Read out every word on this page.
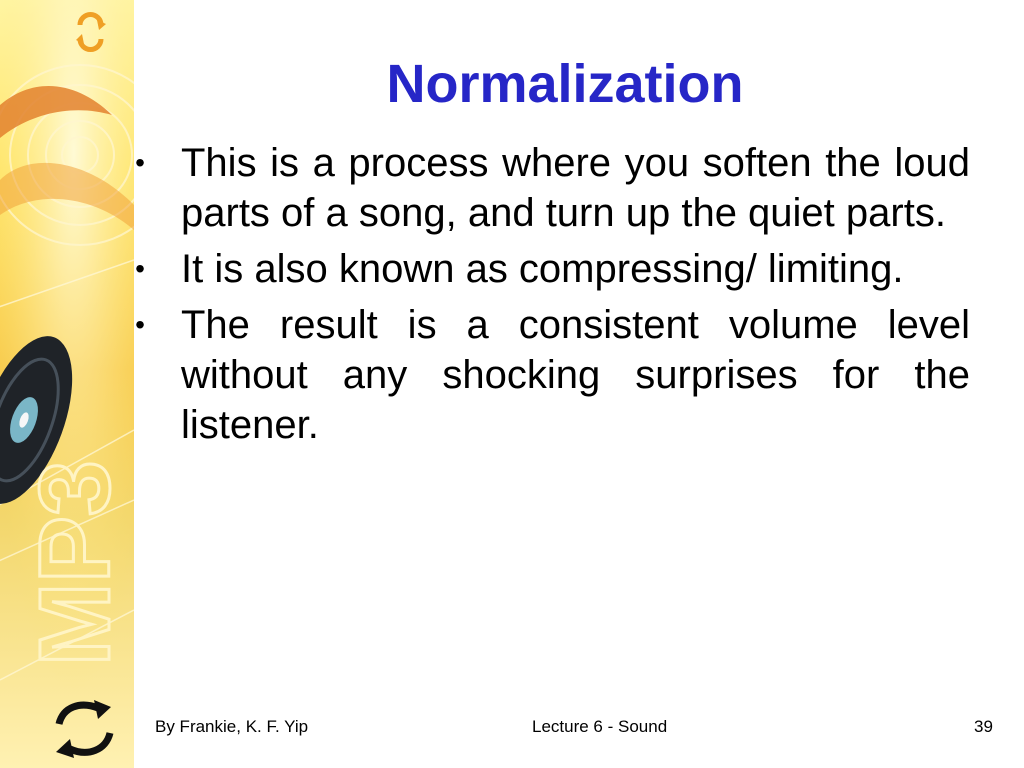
MP3
Normalization
• This is a process where you soften the loud parts of a song, and turn up the quiet parts.
• It is also known as compressing/ limiting.
• The result is a consistent volume level without any shocking surprises for the listener.
By Frankie, K. F. Yip	Lecture 6 - Sound	39
